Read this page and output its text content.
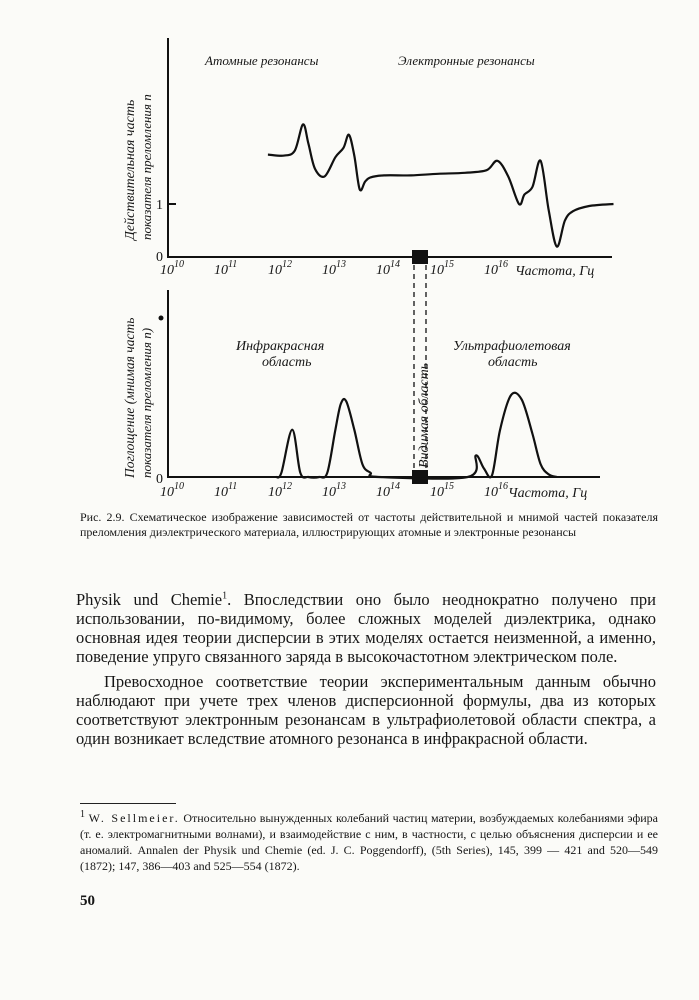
0
1
Действительная часть показателя преломления n
Атомные резонансы	Электронные резонансы
$10^{10}$ $10^{11}$ $10^{12}$ $10^{13}$ $10^{14}$ $10^{15}$ $10^{16}$ Частота, Гц
0
Поглощение (мнимая часть показателя преломления n)	Инфракрасная
область
Видимая область
Ультрафиолетовая
область
$10^{10}$ $10^{11}$ $10^{12}$ $10^{13}$ $10^{14}$ $10^{15}$ $10^{16}$ Частота, Гц
Рис. 2.9. Схематическое изображение зависимостей от частоты действительной и мнимой частей показателя преломления диэлектрического материала, иллюстрирующих атомные и электронные резонансы

Physik und Chemie$^1$. Впоследствии оно было неоднократно получено при использовании, по-видимому, более сложных моделей диэлектрика, однако основная идея теории дисперсии в этих моделях остается неизменной, а именно, поведение упруго связанного заряда в высокочастотном электрическом поле.

Превосходное соответствие теории экспериментальным данным обычно наблюдают при учете трех членов дисперсионной формулы, два из которых соответствуют электронным резонансам в ультрафиолетовой области спектра, а один возникает вследствие атомного резонанса в инфракрасной области.

$^1$ W. Sellmeier. Относительно вынужденных колебаний частиц материи, возбуждаемых колебаниями эфира (т. е. электромагнитными волнами), и взаимодействие с ним, в частности, с целью объяснения дисперсии и ее аномалий. Annalen der Physik und Chemie (ed. J. C. Poggendorff), (5th Series), 145, 399 — 421 and 520—549 (1872); 147, 386—403 and 525—554 (1872).
50
